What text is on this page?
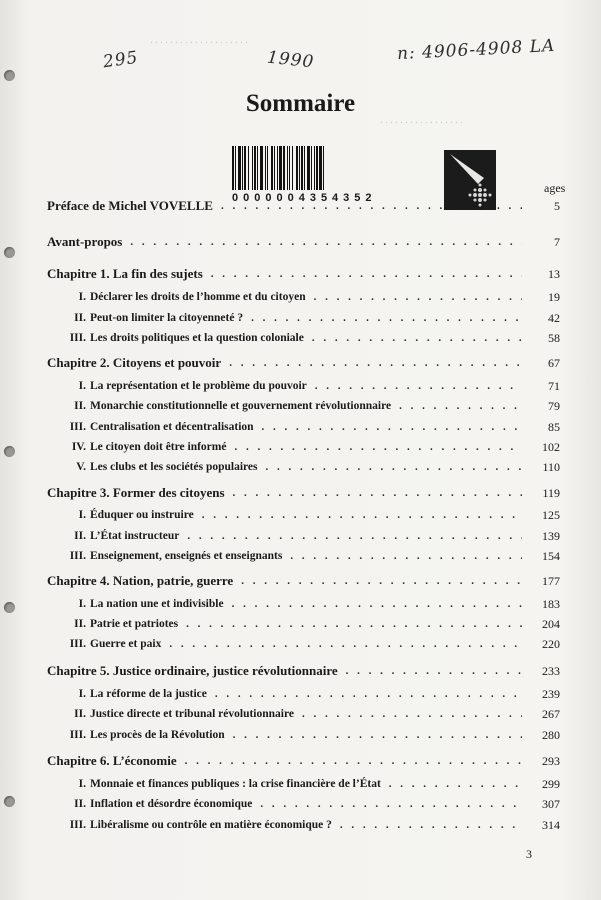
· · · · · · · · · · · · · · · · · · · ·
· · · · · · · · · · · · · · · · ·
295	1990	n: 4906-4908 LA
Sommaire
0000004354352
ages
Préface de Michel VOVELLE . . .	5
Avant-propos . . .	7
Chapitre 1. La fin des sujets . . .	13
I. Déclarer les droits de l’homme et du citoyen . . .	19
II. Peut-on limiter la citoyenneté ? . . .	42
III. Les droits politiques et la question coloniale . . .	58
Chapitre 2. Citoyens et pouvoir . . .	67
I. La représentation et le problème du pouvoir . . .	71
II. Monarchie constitutionnelle et gouvernement révolutionnaire . . .	79
III. Centralisation et décentralisation . . .	85
IV. Le citoyen doit être informé . . .	102
V. Les clubs et les sociétés populaires . . .	110
Chapitre 3. Former des citoyens . . .	119
I. Éduquer ou instruire . . .	125
II. L’État instructeur . . .	139
III. Enseignement, enseignés et enseignants . . .	154
Chapitre 4. Nation, patrie, guerre . . .	177
I. La nation une et indivisible . . .	183
II. Patrie et patriotes . . .	204
III. Guerre et paix . . .	220
Chapitre 5. Justice ordinaire, justice révolutionnaire . . .	233
I. La réforme de la justice . . .	239
II. Justice directe et tribunal révolutionnaire . . .	267
III. Les procès de la Révolution . . .	280
Chapitre 6. L’économie . . .	293
I. Monnaie et finances publiques : la crise financière de l’État . . .	299
II. Inflation et désordre économique . . .	307
III. Libéralisme ou contrôle en matière économique ? . . .	314
3
